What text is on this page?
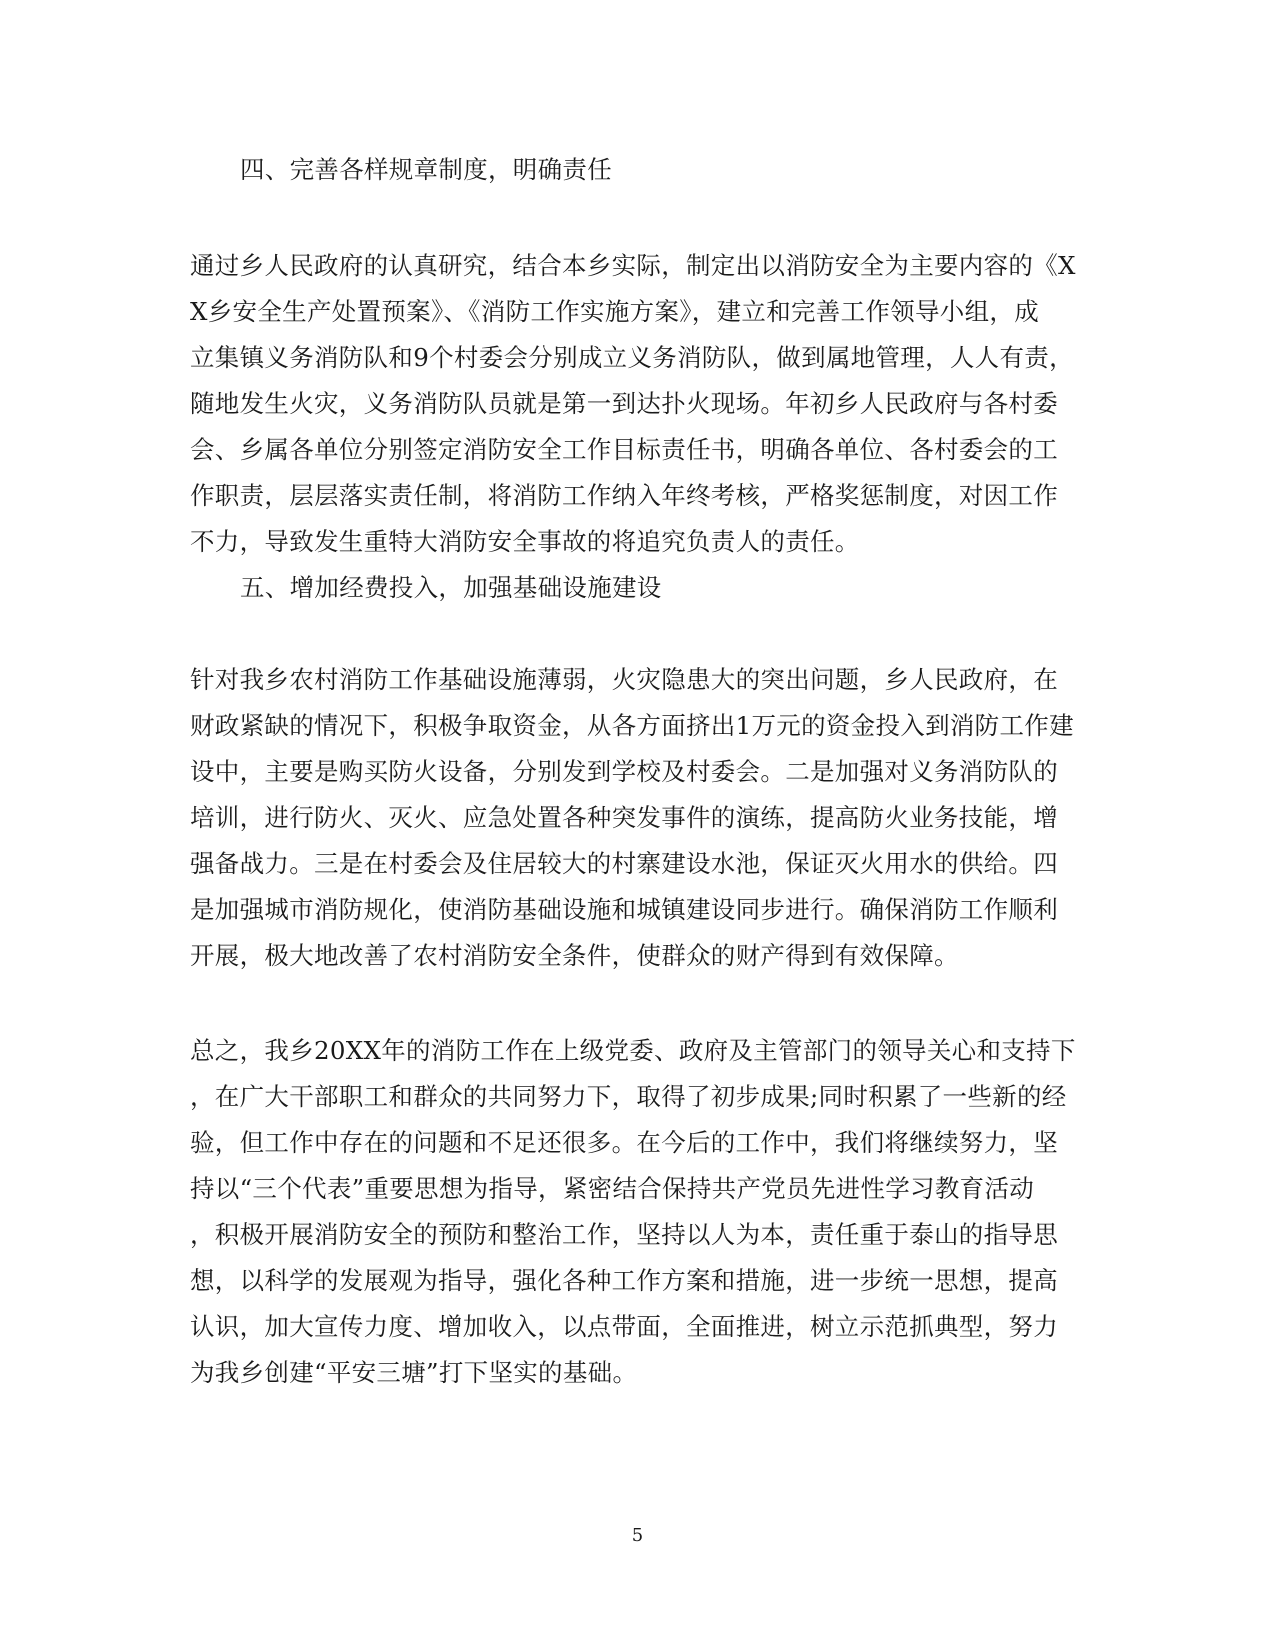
四、完善各样规章制度，明确责任
通过乡人民政府的认真研究，结合本乡实际，制定出以消防安全为主要内容的《X
X乡安全生产处置预案》、《消防工作实施方案》，建立和完善工作领导小组，成
立集镇义务消防队和9个村委会分别成立义务消防队，做到属地管理，人人有责，
随地发生火灾，义务消防队员就是第一到达扑火现场。年初乡人民政府与各村委
会、乡属各单位分别签定消防安全工作目标责任书，明确各单位、各村委会的工
作职责，层层落实责任制，将消防工作纳入年终考核，严格奖惩制度，对因工作
不力，导致发生重特大消防安全事故的将追究负责人的责任。
五、增加经费投入，加强基础设施建设
针对我乡农村消防工作基础设施薄弱，火灾隐患大的突出问题，乡人民政府，在
财政紧缺的情况下，积极争取资金，从各方面挤出1万元的资金投入到消防工作建
设中，主要是购买防火设备，分别发到学校及村委会。二是加强对义务消防队的
培训，进行防火、灭火、应急处置各种突发事件的演练，提高防火业务技能，增
强备战力。三是在村委会及住居较大的村寨建设水池，保证灭火用水的供给。四
是加强城市消防规化，使消防基础设施和城镇建设同步进行。确保消防工作顺利
开展，极大地改善了农村消防安全条件，使群众的财产得到有效保障。
总之，我乡20XX年的消防工作在上级党委、政府及主管部门的领导关心和支持下
，在广大干部职工和群众的共同努力下，取得了初步成果;同时积累了一些新的经
验，但工作中存在的问题和不足还很多。在今后的工作中，我们将继续努力，坚
持以“三个代表”重要思想为指导，紧密结合保持共产党员先进性学习教育活动
，积极开展消防安全的预防和整治工作，坚持以人为本，责任重于泰山的指导思
想，以科学的发展观为指导，强化各种工作方案和措施，进一步统一思想，提高
认识，加大宣传力度、增加收入，以点带面，全面推进，树立示范抓典型，努力
为我乡创建“平安三塘”打下坚实的基础。
5
